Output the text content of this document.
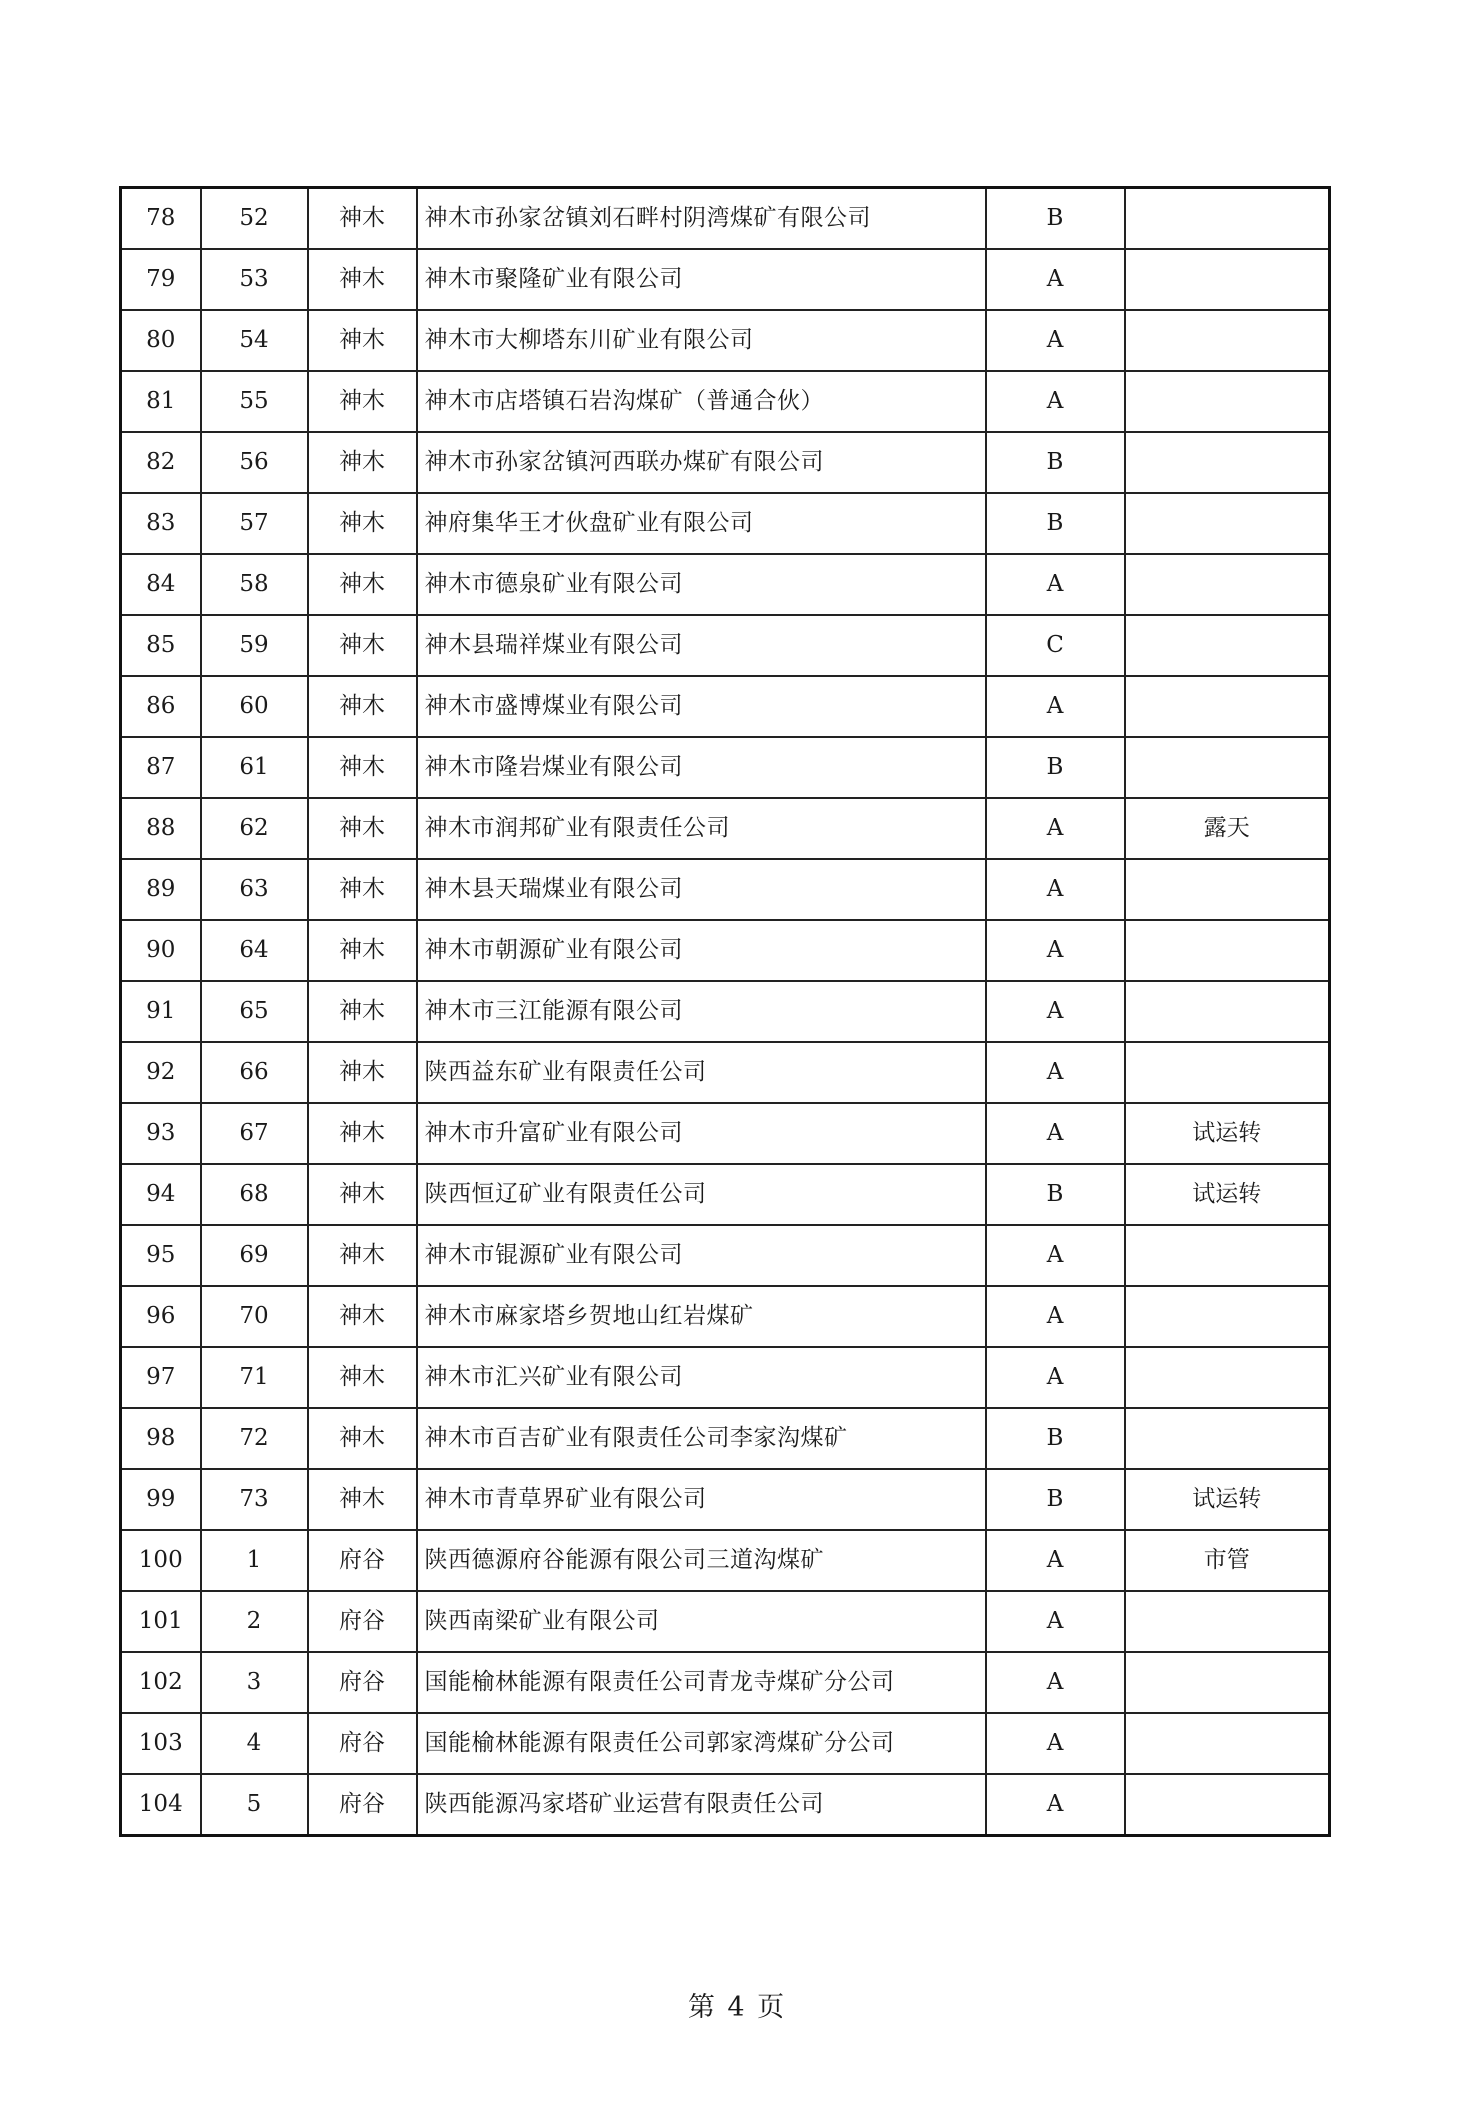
78	52	神木	神木市孙家岔镇刘石畔村阴湾煤矿有限公司	B	
79	53	神木	神木市聚隆矿业有限公司	A	
80	54	神木	神木市大柳塔东川矿业有限公司	A	
81	55	神木	神木市店塔镇石岩沟煤矿（普通合伙）	A	
82	56	神木	神木市孙家岔镇河西联办煤矿有限公司	B	
83	57	神木	神府集华王才伙盘矿业有限公司	B	
84	58	神木	神木市德泉矿业有限公司	A	
85	59	神木	神木县瑞祥煤业有限公司	C	
86	60	神木	神木市盛博煤业有限公司	A	
87	61	神木	神木市隆岩煤业有限公司	B	
88	62	神木	神木市润邦矿业有限责任公司	A	露天
89	63	神木	神木县天瑞煤业有限公司	A	
90	64	神木	神木市朝源矿业有限公司	A	
91	65	神木	神木市三江能源有限公司	A	
92	66	神木	陕西益东矿业有限责任公司	A	
93	67	神木	神木市升富矿业有限公司	A	试运转
94	68	神木	陕西恒辽矿业有限责任公司	B	试运转
95	69	神木	神木市锟源矿业有限公司	A	
96	70	神木	神木市麻家塔乡贺地山红岩煤矿	A	
97	71	神木	神木市汇兴矿业有限公司	A	
98	72	神木	神木市百吉矿业有限责任公司李家沟煤矿	B	
99	73	神木	神木市青草界矿业有限公司	B	试运转
100	1	府谷	陕西德源府谷能源有限公司三道沟煤矿	A	市管
101	2	府谷	陕西南梁矿业有限公司	A	
102	3	府谷	国能榆林能源有限责任公司青龙寺煤矿分公司	A	
103	4	府谷	国能榆林能源有限责任公司郭家湾煤矿分公司	A	
104	5	府谷	陕西能源冯家塔矿业运营有限责任公司	A	
第 4 页
